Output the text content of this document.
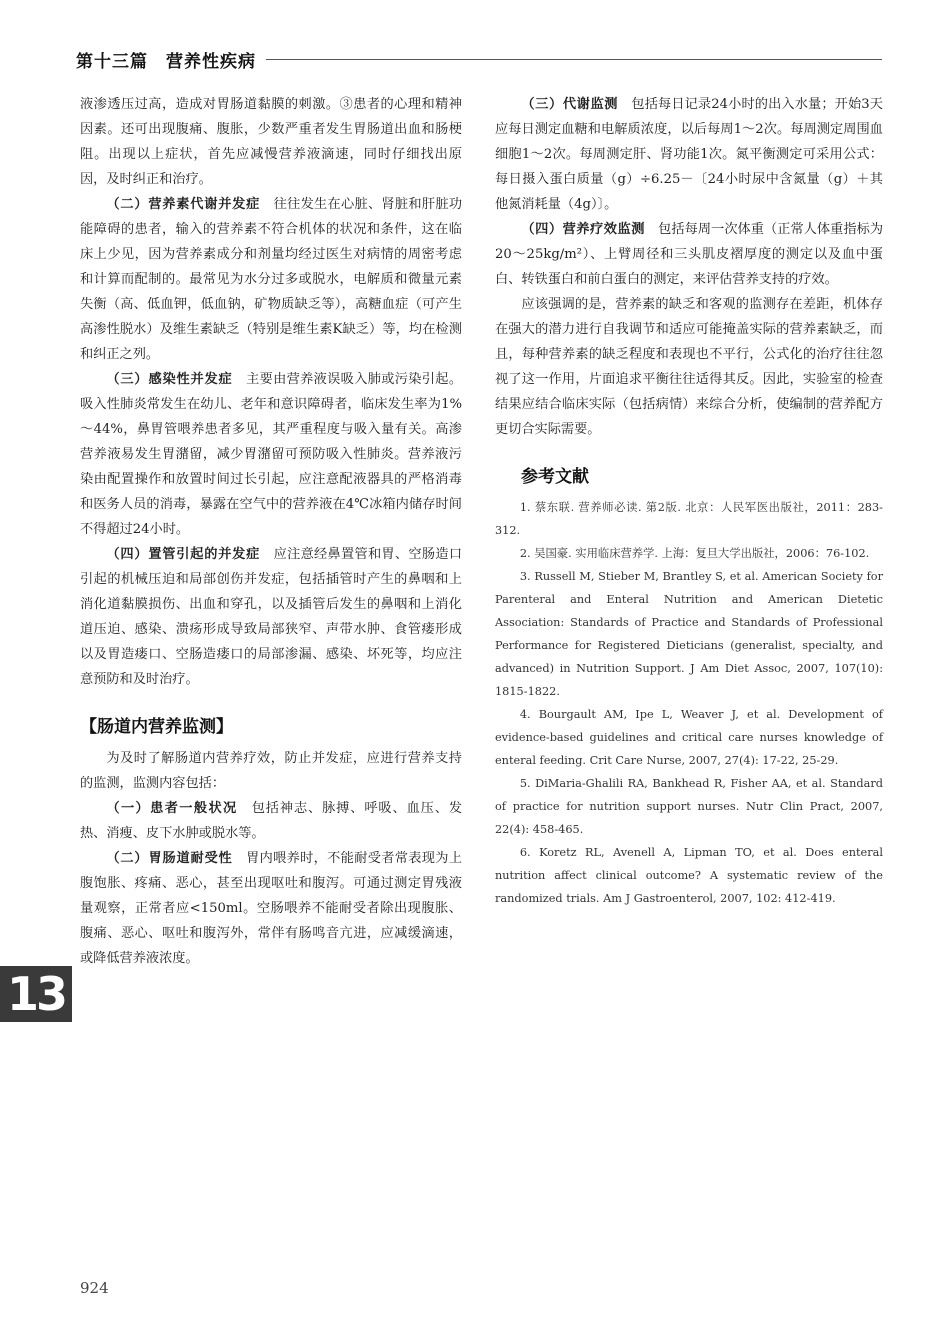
第十三篇　营养性疾病

液渗透压过高，造成对胃肠道黏膜的刺激。③患者的心理和精神因素。还可出现腹痛、腹胀，少数严重者发生胃肠道出血和肠梗阻。出现以上症状，首先应减慢营养液滴速，同时仔细找出原因，及时纠正和治疗。

（二）营养素代谢并发症　往往发生在心脏、肾脏和肝脏功能障碍的患者，输入的营养素不符合机体的状况和条件，这在临床上少见，因为营养素成分和剂量均经过医生对病情的周密考虑和计算而配制的。最常见为水分过多或脱水，电解质和微量元素失衡（高、低血钾，低血钠，矿物质缺乏等），高糖血症（可产生高渗性脱水）及维生素缺乏（特别是维生素K缺乏）等，均在检测和纠正之列。

（三）感染性并发症　主要由营养液误吸入肺或污染引起。吸入性肺炎常发生在幼儿、老年和意识障碍者，临床发生率为1%～44%，鼻胃管喂养患者多见，其严重程度与吸入量有关。高渗营养液易发生胃潴留，减少胃潴留可预防吸入性肺炎。营养液污染由配置操作和放置时间过长引起，应注意配液器具的严格消毒和医务人员的消毒，暴露在空气中的营养液在4℃冰箱内储存时间不得超过24小时。

（四）置管引起的并发症　应注意经鼻置管和胃、空肠造口引起的机械压迫和局部创伤并发症，包括插管时产生的鼻咽和上消化道黏膜损伤、出血和穿孔，以及插管后发生的鼻咽和上消化道压迫、感染、溃疡形成导致局部狭窄、声带水肿、食管瘘形成以及胃造瘘口、空肠造瘘口的局部渗漏、感染、坏死等，均应注意预防和及时治疗。

【肠道内营养监测】

为及时了解肠道内营养疗效，防止并发症，应进行营养支持的监测，监测内容包括：

（一）患者一般状况　包括神志、脉搏、呼吸、血压、发热、消瘦、皮下水肿或脱水等。

（二）胃肠道耐受性　胃内喂养时，不能耐受者常表现为上腹饱胀、疼痛、恶心，甚至出现呕吐和腹泻。可通过测定胃残液量观察，正常者应<150ml。空肠喂养不能耐受者除出现腹胀、腹痛、恶心、呕吐和腹泻外，常伴有肠鸣音亢进，应减缓滴速，或降低营养液浓度。

（三）代谢监测　包括每日记录24小时的出入水量；开始3天应每日测定血糖和电解质浓度，以后每周1～2次。每周测定周围血细胞1～2次。每周测定肝、肾功能1次。氮平衡测定可采用公式：每日摄入蛋白质量（g）÷6.25－〔24小时尿中含氮量（g）＋其他氮消耗量（4g）〕。

（四）营养疗效监测　包括每周一次体重（正常人体重指标为20～25kg/m²）、上臂周径和三头肌皮褶厚度的测定以及血中蛋白、转铁蛋白和前白蛋白的测定，来评估营养支持的疗效。

应该强调的是，营养素的缺乏和客观的监测存在差距，机体存在强大的潜力进行自我调节和适应可能掩盖实际的营养素缺乏，而且，每种营养素的缺乏程度和表现也不平行，公式化的治疗往往忽视了这一作用，片面追求平衡往往适得其反。因此，实验室的检查结果应结合临床实际（包括病情）来综合分析，使编制的营养配方更切合实际需要。

参考文献
1. 蔡东联. 营养师必读. 第2版. 北京：人民军医出版社，2011：283-312.
2. 吴国豪. 实用临床营养学. 上海：复旦大学出版社，2006：76-102.
3. Russell M, Stieber M, Brantley S, et al. American Society for Parenteral and Enteral Nutrition and American Dietetic Association: Standards of Practice and Standards of Professional Performance for Registered Dieticians (generalist, specialty, and advanced) in Nutrition Support. J Am Diet Assoc, 2007, 107(10): 1815-1822.
4. Bourgault AM, Ipe L, Weaver J, et al. Development of evidence-based guidelines and critical care nurses knowledge of enteral feeding. Crit Care Nurse, 2007, 27(4): 17-22, 25-29.
5. DiMaria-Ghalili RA, Bankhead R, Fisher AA, et al. Standard of practice for nutrition support nurses. Nutr Clin Pract, 2007, 22(4): 458-465.
6. Koretz RL, Avenell A, Lipman TO, et al. Does enteral nutrition affect clinical outcome? A systematic review of the randomized trials. Am J Gastroenterol, 2007, 102: 412-419.
13
924
